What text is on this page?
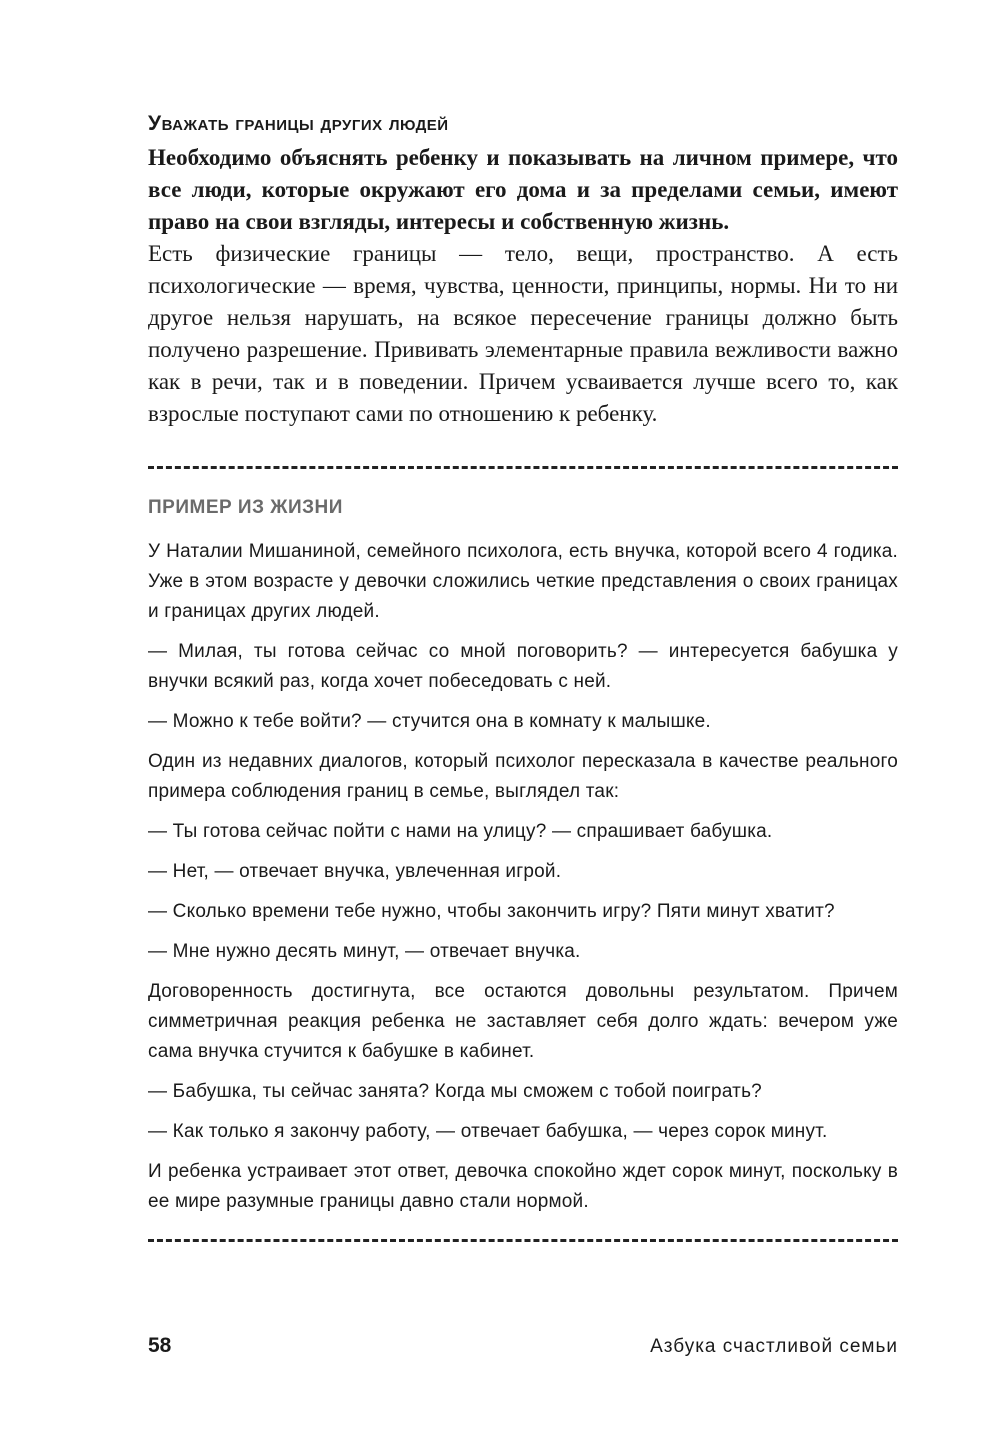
Уважать границы других людей

Необходимо объяснять ребенку и показывать на личном примере, что все люди, которые окружают его дома и за пределами семьи, имеют право на свои взгляды, интересы и собственную жизнь.

Есть физические границы — тело, вещи, пространство. А есть психологические — время, чувства, ценности, принципы, нормы. Ни то ни другое нельзя нарушать, на всякое пересечение границы должно быть получено разрешение. Прививать элементарные правила вежливости важно как в речи, так и в поведении. Причем усваивается лучше всего то, как взрослые поступают сами по отношению к ребенку.

ПРИМЕР ИЗ ЖИЗНИ

У Наталии Мишаниной, семейного психолога, есть внучка, которой всего 4 годика. Уже в этом возрасте у девочки сложились четкие представления о своих границах и границах других людей.

— Милая, ты готова сейчас со мной поговорить? — интересуется бабушка у внучки всякий раз, когда хочет побеседовать с ней.

— Можно к тебе войти? — стучится она в комнату к малышке.

Один из недавних диалогов, который психолог пересказала в качестве реального примера соблюдения границ в семье, выглядел так:

— Ты готова сейчас пойти с нами на улицу? — спрашивает бабушка.

— Нет, — отвечает внучка, увлеченная игрой.

— Сколько времени тебе нужно, чтобы закончить игру? Пяти минут хватит?

— Мне нужно десять минут, — отвечает внучка.

Договоренность достигнута, все остаются довольны результатом. Причем симметричная реакция ребенка не заставляет себя долго ждать: вечером уже сама внучка стучится к бабушке в кабинет.

— Бабушка, ты сейчас занята? Когда мы сможем с тобой поиграть?

— Как только я закончу работу, — отвечает бабушка, — через сорок минут.

И ребенка устраивает этот ответ, девочка спокойно ждет сорок минут, поскольку в ее мире разумные границы давно стали нормой.

58	Азбука счастливой семьи
